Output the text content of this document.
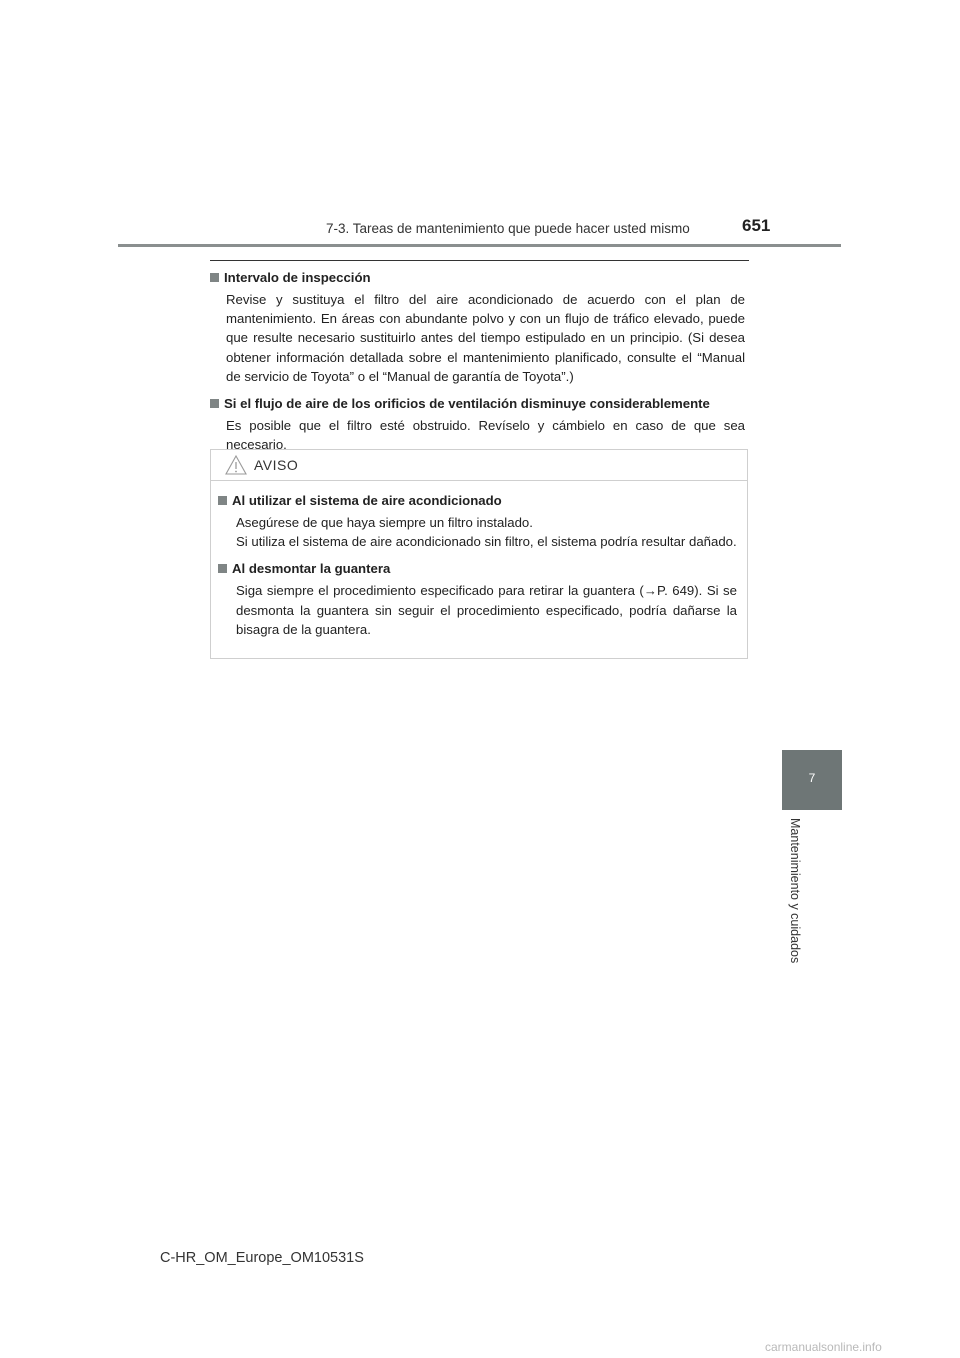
7-3. Tareas de mantenimiento que puede hacer usted mismo	651
Intervalo de inspección

Revise y sustituya el filtro del aire acondicionado de acuerdo con el plan de mantenimiento. En áreas con abundante polvo y con un flujo de tráfico elevado, puede que resulte necesario sustituirlo antes del tiempo estipulado en un principio. (Si desea obtener información detallada sobre el mantenimiento planificado, consulte el “Manual de servicio de Toyota” o el “Manual de garantía de Toyota”.)

Si el flujo de aire de los orificios de ventilación disminuye considerablemente

Es posible que el filtro esté obstruido. Revíselo y cámbielo en caso de que sea necesario.

AVISO
Al utilizar el sistema de aire acondicionado

Asegúrese de que haya siempre un filtro instalado.

Si utiliza el sistema de aire acondicionado sin filtro, el sistema podría resultar dañado.

Al desmontar la guantera

Siga siempre el procedimiento especificado para retirar la guantera (→P. 649). Si se desmonta la guantera sin seguir el procedimiento especificado, podría dañarse la bisagra de la guantera.

7
Mantenimiento y cuidados
C-HR_OM_Europe_OM10531S
carmanualsonline.info
